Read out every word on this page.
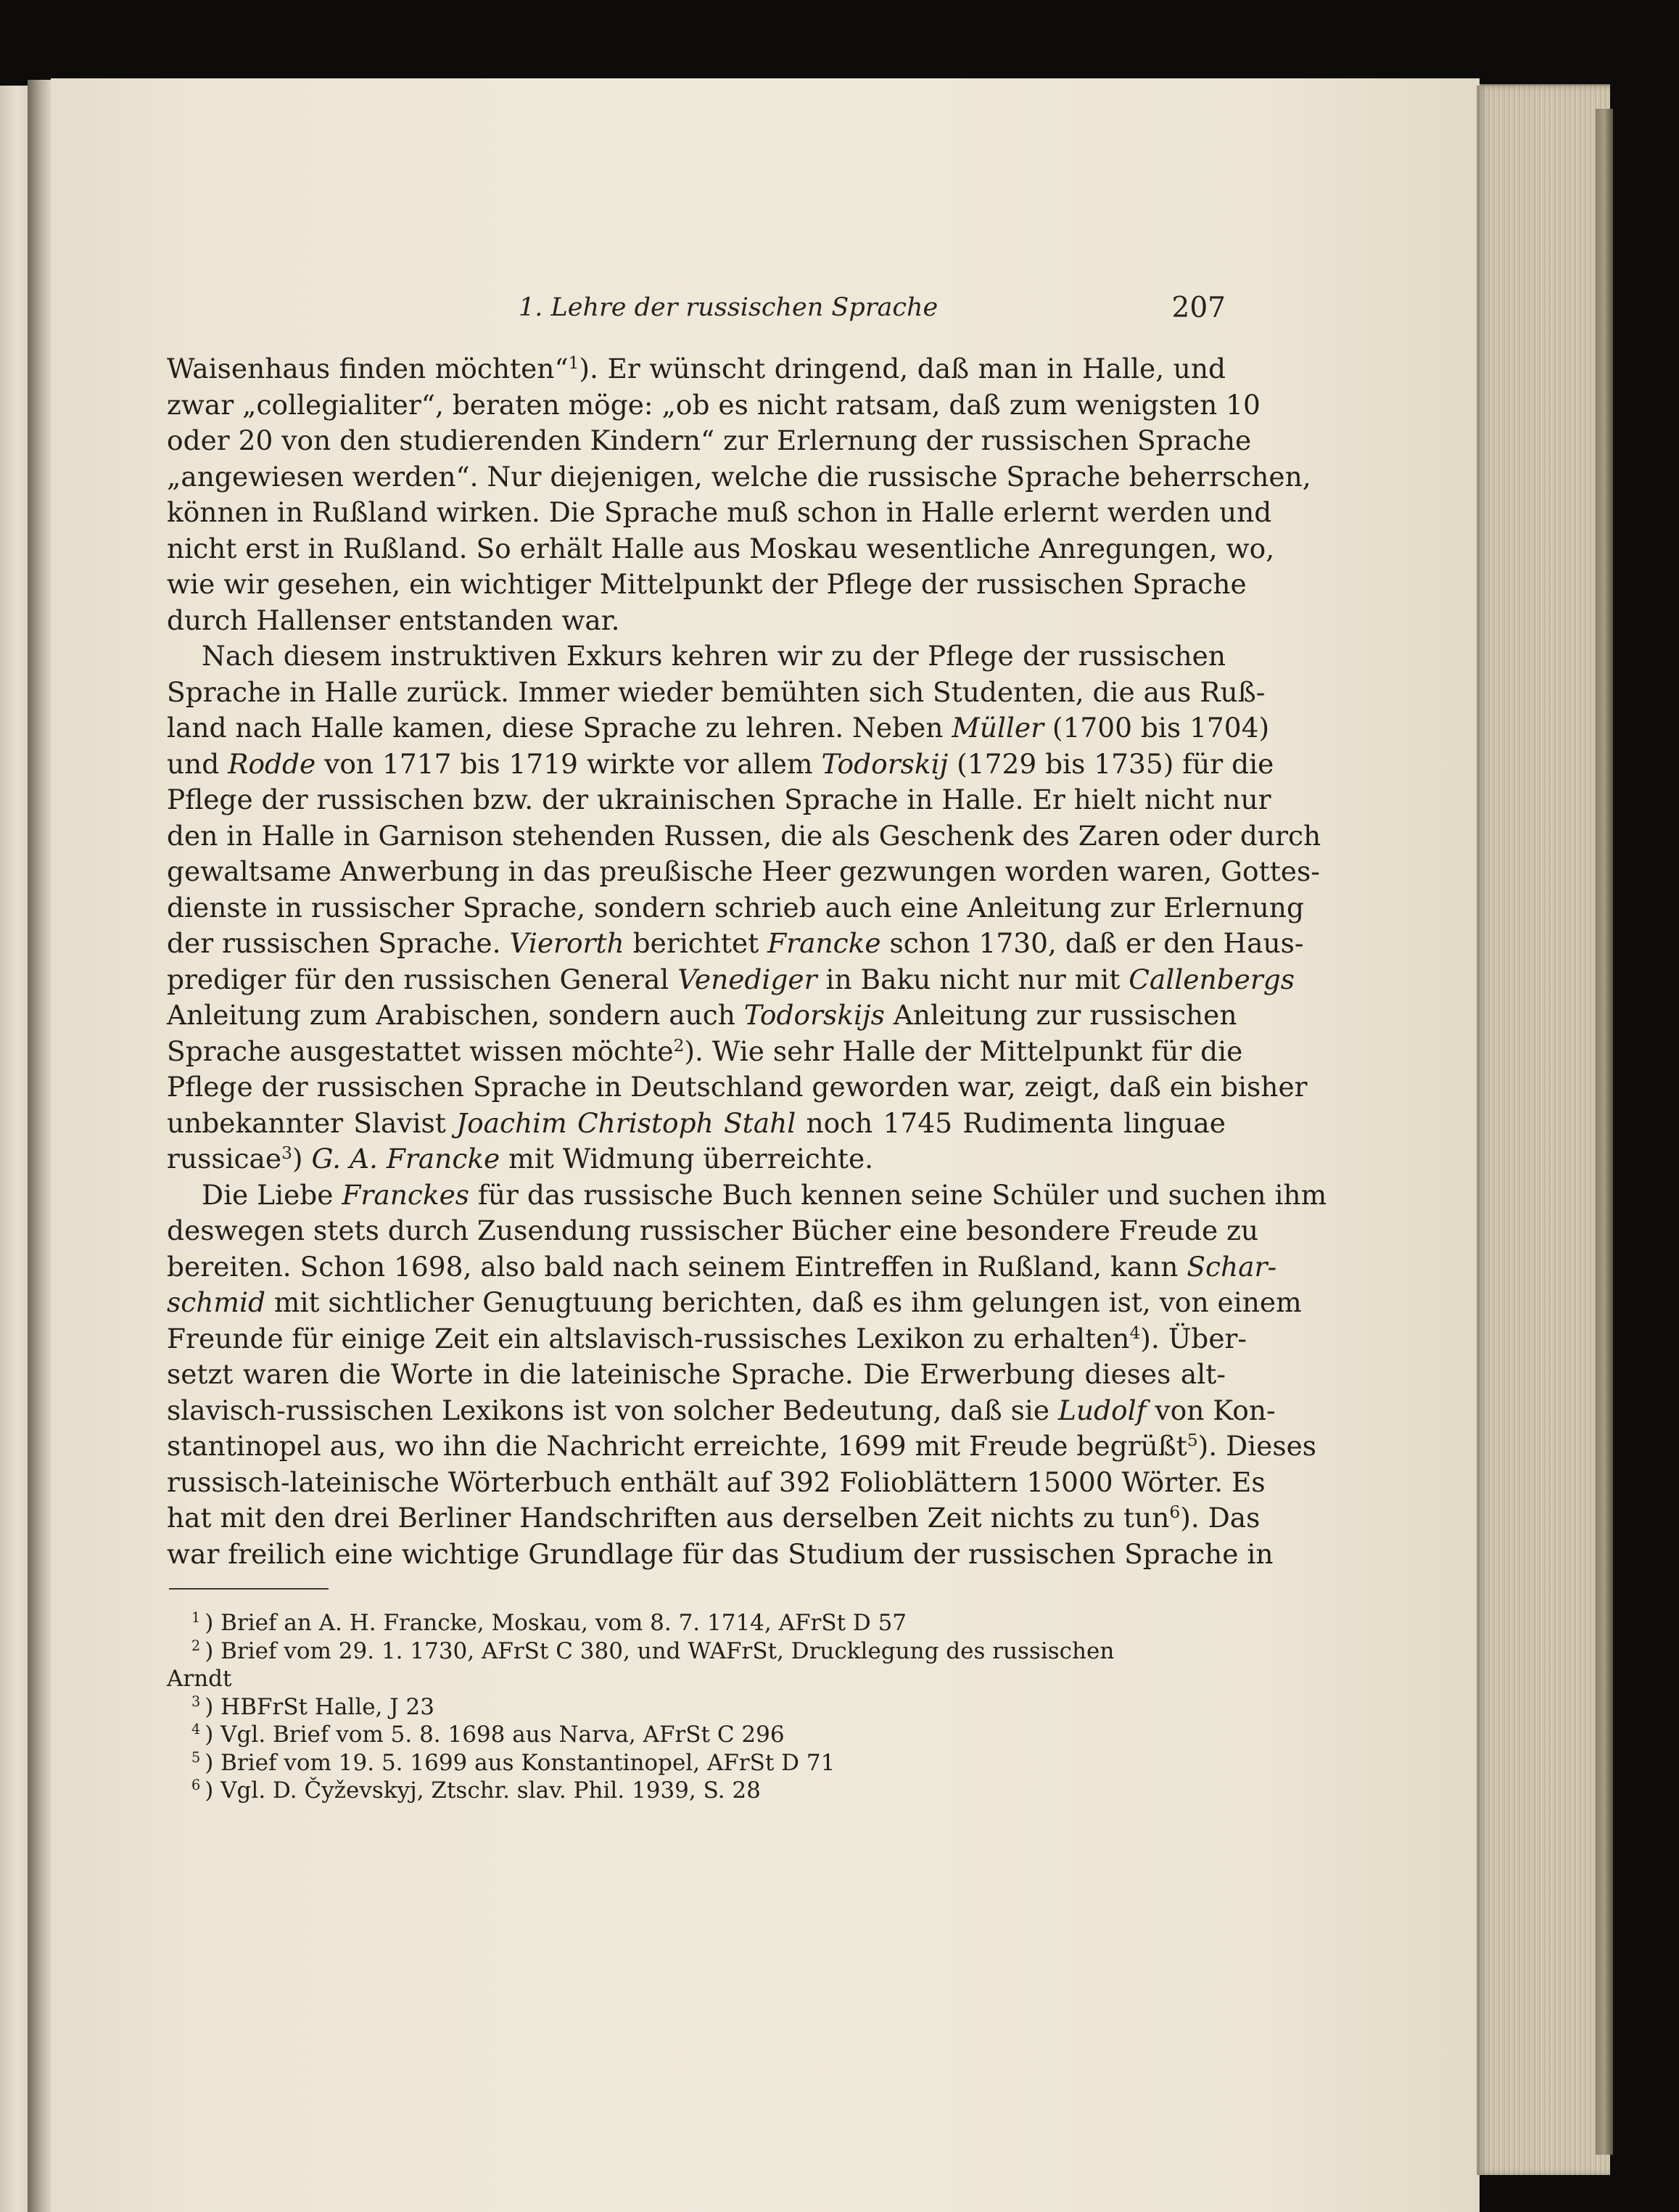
1. Lehre der russischen Sprache	207
Waisenhaus finden möchten“$^1$). Er wünscht dringend, daß man in Halle, und
zwar „collegialiter“, beraten möge: „ob es nicht ratsam, daß zum wenigsten 10
oder 20 von den studierenden Kindern“ zur Erlernung der russischen Sprache
„angewiesen werden“. Nur diejenigen, welche die russische Sprache beherrschen,
können in Rußland wirken. Die Sprache muß schon in Halle erlernt werden und
nicht erst in Rußland. So erhält Halle aus Moskau wesentliche Anregungen, wo,
wie wir gesehen, ein wichtiger Mittelpunkt der Pflege der russischen Sprache
durch Hallenser entstanden war.
Nach diesem instruktiven Exkurs kehren wir zu der Pflege der russischen
Sprache in Halle zurück. Immer wieder bemühten sich Studenten, die aus Ruß-
land nach Halle kamen, diese Sprache zu lehren. Neben Müller (1700 bis 1704)
und Rodde von 1717 bis 1719 wirkte vor allem Todorskij (1729 bis 1735) für die
Pflege der russischen bzw. der ukrainischen Sprache in Halle. Er hielt nicht nur
den in Halle in Garnison stehenden Russen, die als Geschenk des Zaren oder durch
gewaltsame Anwerbung in das preußische Heer gezwungen worden waren, Gottes-
dienste in russischer Sprache, sondern schrieb auch eine Anleitung zur Erlernung
der russischen Sprache. Vierorth berichtet Francke schon 1730, daß er den Haus-
prediger für den russischen General Venediger in Baku nicht nur mit Callenbergs
Anleitung zum Arabischen, sondern auch Todorskijs Anleitung zur russischen
Sprache ausgestattet wissen möchte$^2$). Wie sehr Halle der Mittelpunkt für die
Pflege der russischen Sprache in Deutschland geworden war, zeigt, daß ein bisher
unbekannter Slavist Joachim Christoph Stahl noch 1745 Rudimenta linguae
russicae$^3$) G. A. Francke mit Widmung überreichte.
Die Liebe Franckes für das russische Buch kennen seine Schüler und suchen ihm
deswegen stets durch Zusendung russischer Bücher eine besondere Freude zu
bereiten. Schon 1698, also bald nach seinem Eintreffen in Rußland, kann Schar-
schmid mit sichtlicher Genugtuung berichten, daß es ihm gelungen ist, von einem
Freunde für einige Zeit ein altslavisch-russisches Lexikon zu erhalten$^4$). Über-
setzt waren die Worte in die lateinische Sprache. Die Erwerbung dieses alt-
slavisch-russischen Lexikons ist von solcher Bedeutung, daß sie Ludolf von Kon-
stantinopel aus, wo ihn die Nachricht erreichte, 1699 mit Freude begrüßt$^5$). Dieses
russisch-lateinische Wörterbuch enthält auf 392 Folioblättern 15000 Wörter. Es
hat mit den drei Berliner Handschriften aus derselben Zeit nichts zu tun$^6$). Das
war freilich eine wichtige Grundlage für das Studium der russischen Sprache in
$^1$ ) Brief an A. H. Francke, Moskau, vom 8. 7. 1714, AFrSt D 57
$^2$ ) Brief vom 29. 1. 1730, AFrSt C 380, und WAFrSt, Drucklegung des russischen
Arndt
$^3$ ) HBFrSt Halle, J 23
$^4$ ) Vgl. Brief vom 5. 8. 1698 aus Narva, AFrSt C 296
$^5$ ) Brief vom 19. 5. 1699 aus Konstantinopel, AFrSt D 71
$^6$ ) Vgl. D. Čyževskyj, Ztschr. slav. Phil. 1939, S. 28
